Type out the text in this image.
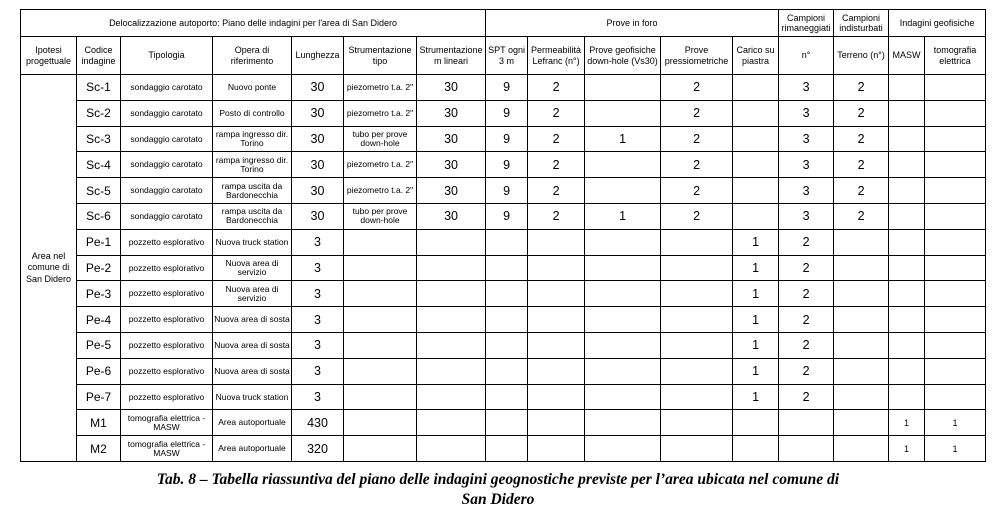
Delocalizzazione autoporto: Piano delle indagini per l'area di San Didero							Prove in foro					Campioni rimaneggiati	Campioni indisturbati	Indagini geofisiche	
Ipotesi progettuale	Codice indagine	Tipologia	Opera di riferimento	Lunghezza	Strumentazione tipo	Strumentazione m lineari	SPT ogni 3 m	Permeabilità Lefranc (n°)	Prove geofisiche down-hole (Vs30)	Prove pressiometriche	Carico su piastra	n°	Terreno (n°)	MASW	tomografia elettrica
Area nel comune di San Didero	Sc-1	sondaggio carotato	Nuovo ponte	30	piezometro t.a. 2"	30	9	2		2		3	2		
	Sc-2	sondaggio carotato	Posto di controllo	30	piezometro t.a. 2"	30	9	2		2		3	2		
	Sc-3	sondaggio carotato	rampa ingresso dir. Torino	30	tubo per prove down-hole	30	9	2	1	2		3	2		
	Sc-4	sondaggio carotato	rampa ingresso dir. Torino	30	piezometro t.a. 2"	30	9	2		2		3	2		
	Sc-5	sondaggio carotato	rampa uscita da Bardonecchia	30	piezometro t.a. 2"	30	9	2		2		3	2		
	Sc-6	sondaggio carotato	rampa uscita da Bardonecchia	30	tubo per prove down-hole	30	9	2	1	2		3	2		
	Pe-1	pozzetto esplorativo	Nuova truck station	3							1	2			
	Pe-2	pozzetto esplorativo	Nuova area di servizio	3							1	2			
	Pe-3	pozzetto esplorativo	Nuova area di servizio	3							1	2			
	Pe-4	pozzetto esplorativo	Nuova area di sosta	3							1	2			
	Pe-5	pozzetto esplorativo	Nuova area di sosta	3							1	2			
	Pe-6	pozzetto esplorativo	Nuova area di sosta	3							1	2			
	Pe-7	pozzetto esplorativo	Nuova truck station	3							1	2			
	M1	tomografia elettrica - MASW	Area autoportuale	430										1	1
	M2	tomografia elettrica - MASW	Area autoportuale	320										1	1
Tab. 8 – Tabella riassuntiva del piano delle indagini geognostiche previste per l’area ubicata nel comune di
San Didero
